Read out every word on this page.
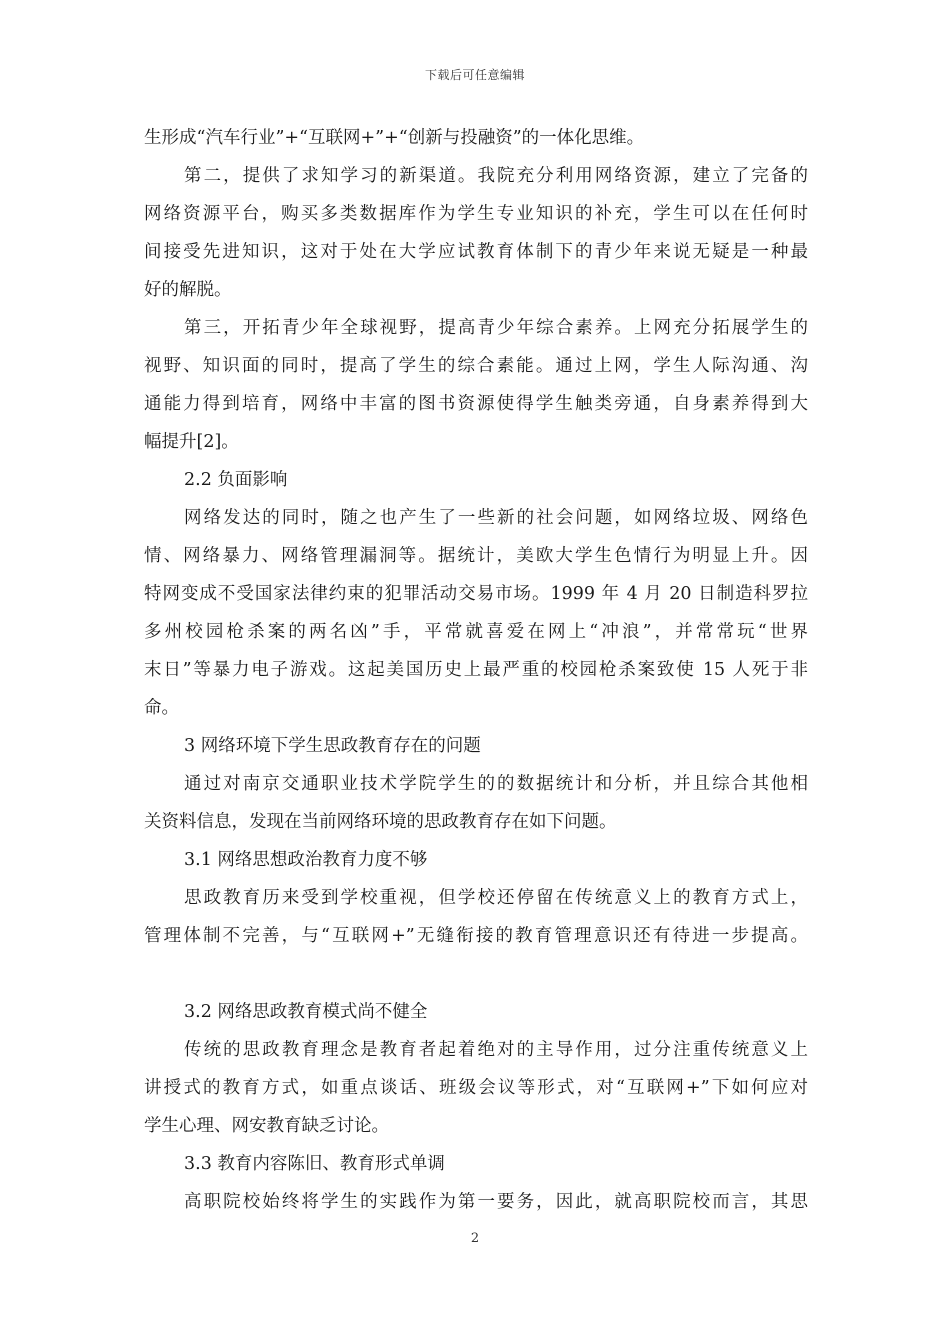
下载后可任意编辑
生形成“汽车行业”+“互联网+”+“创新与投融资”的一体化思维。
第二，提供了求知学习的新渠道。我院充分利用网络资源，建立了完备的
网络资源平台，购买多类数据库作为学生专业知识的补充，学生可以在任何时
间接受先进知识，这对于处在大学应试教育体制下的青少年来说无疑是一种最
好的解脱。
第三，开拓青少年全球视野，提高青少年综合素养。上网充分拓展学生的
视野、知识面的同时，提高了学生的综合素能。通过上网，学生人际沟通、沟
通能力得到培育，网络中丰富的图书资源使得学生触类旁通，自身素养得到大
幅提升[2]。
2.2 负面影响
网络发达的同时，随之也产生了一些新的社会问题，如网络垃圾、网络色
情、网络暴力、网络管理漏洞等。据统计，美欧大学生色情行为明显上升。因
特网变成不受国家法律约束的犯罪活动交易市场。1999 年 4 月 20 日制造科罗拉
多州校园枪杀案的两名凶”手，平常就喜爱在网上“冲浪”，并常常玩“世界
末日”等暴力电子游戏。这起美国历史上最严重的校园枪杀案致使 15 人死于非
命。
3 网络环境下学生思政教育存在的问题
通过对南京交通职业技术学院学生的的数据统计和分析，并且综合其他相
关资料信息，发现在当前网络环境的思政教育存在如下问题。
3.1 网络思想政治教育力度不够
思政教育历来受到学校重视，但学校还停留在传统意义上的教育方式上，
管理体制不完善，与“互联网+”无缝衔接的教育管理意识还有待进一步提高。
3.2 网络思政教育模式尚不健全
传统的思政教育理念是教育者起着绝对的主导作用，过分注重传统意义上
讲授式的教育方式，如重点谈话、班级会议等形式，对“互联网+”下如何应对
学生心理、网安教育缺乏讨论。
3.3 教育内容陈旧、教育形式单调
高职院校始终将学生的实践作为第一要务，因此，就高职院校而言，其思
2
